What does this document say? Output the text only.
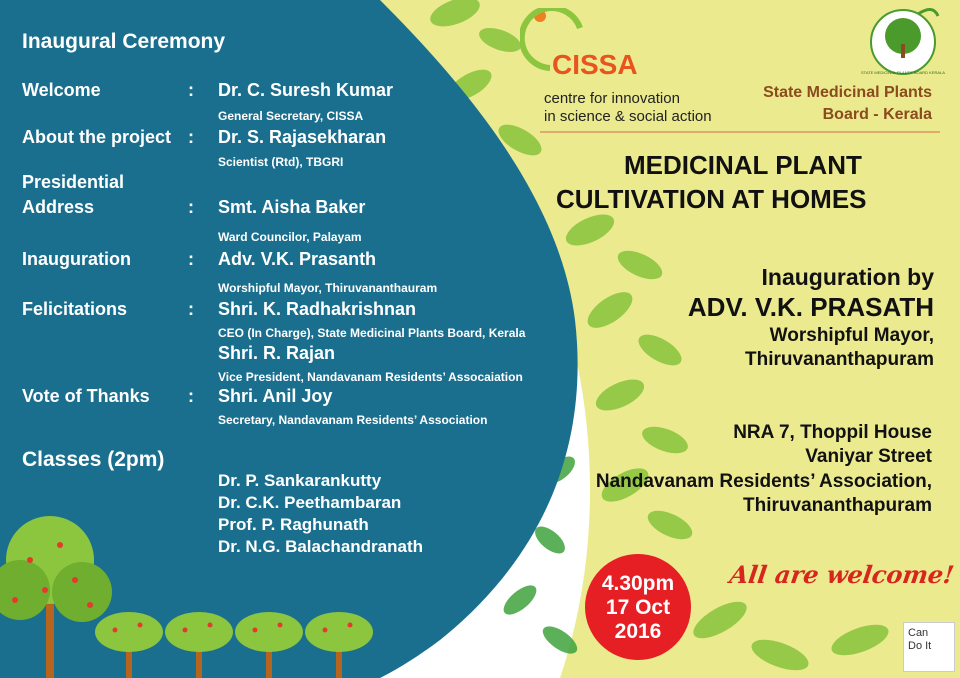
CISSA
centre for innovation
in science & social action
STATE MEDICINAL PLANTS BOARD KERALA
State Medicinal Plants
Board - Kerala
MEDICINAL PLANT
CULTIVATION AT HOMES
Inauguration by
ADV. V.K. PRASATH
Worshipful Mayor,
Thiruvananthapuram
NRA 7, Thoppil House
Vaniyar Street
Nandavanam Residents’ Association,
Thiruvananthapuram
All are welcome!
4.30pm
17 Oct
2016	Can Do It
Inaugural Ceremony
Welcome	: Dr. C. Suresh Kumar
General Secretary, CISSA
About the project : Dr. S. Rajasekharan
Scientist (Rtd), TBGRI
Presidential
Address	: Smt. Aisha Baker
Ward Councilor, Palayam
Inauguration	: Adv. V.K. Prasanth
Worshipful Mayor, Thiruvananthauram
Felicitations	: Shri. K. Radhakrishnan
CEO (In Charge), State Medicinal Plants Board, Kerala
Shri. R. Rajan
Vice President, Nandavanam Residents’ Assocaiation
Vote of Thanks : Shri. Anil Joy
Secretary, Nandavanam Residents’ Association
Classes (2pm)
Dr. P. Sankarankutty
Dr. C.K. Peethambaran
Prof. P. Raghunath
Dr. N.G. Balachandranath
